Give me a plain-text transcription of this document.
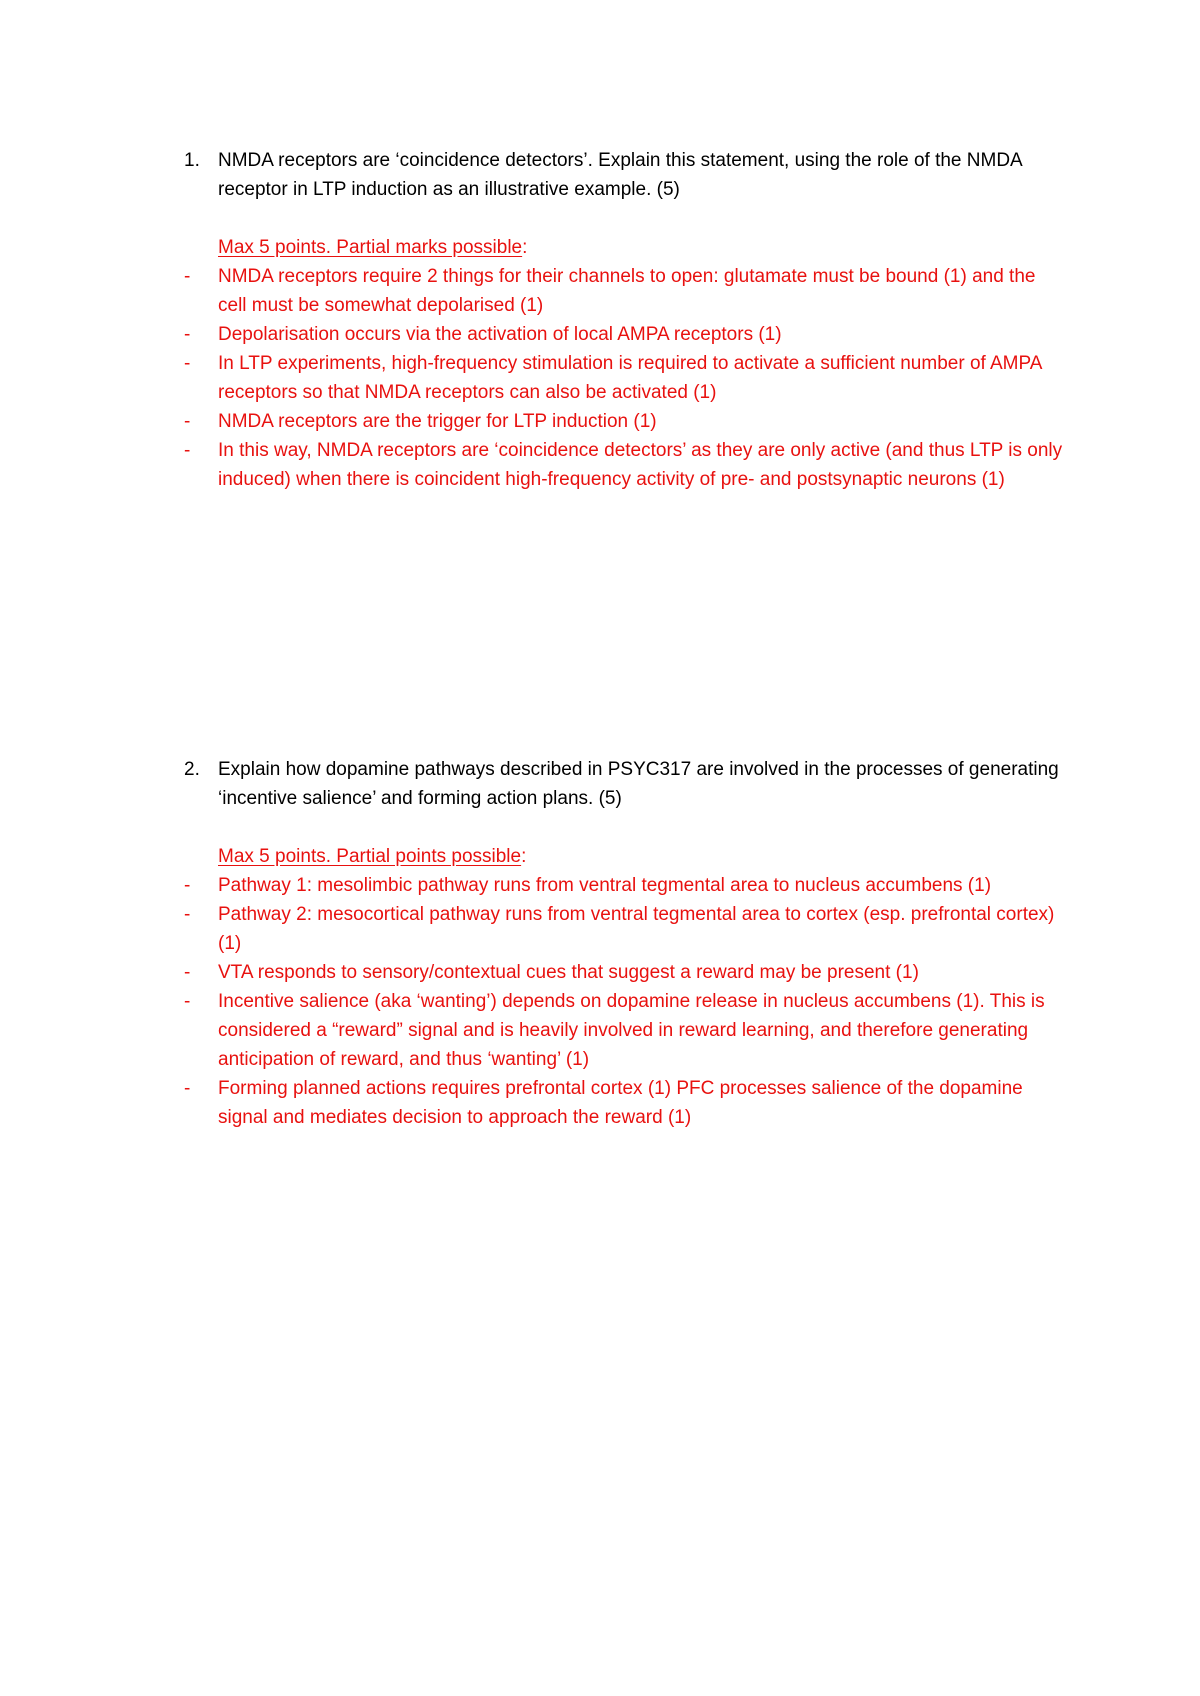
1. NMDA receptors are ‘coincidence detectors’. Explain this statement, using the role of the NMDA receptor in LTP induction as an illustrative example. (5)
Max 5 points. Partial marks possible:
- NMDA receptors require 2 things for their channels to open: glutamate must be bound (1) and the cell must be somewhat depolarised (1)
- Depolarisation occurs via the activation of local AMPA receptors (1)
- In LTP experiments, high-frequency stimulation is required to activate a sufficient number of AMPA receptors so that NMDA receptors can also be activated (1)
- NMDA receptors are the trigger for LTP induction (1)
- In this way, NMDA receptors are ‘coincidence detectors’ as they are only active (and thus LTP is only induced) when there is coincident high-frequency activity of pre- and postsynaptic neurons (1)
2. Explain how dopamine pathways described in PSYC317 are involved in the processes of generating ‘incentive salience’ and forming action plans. (5)
Max 5 points. Partial points possible:
- Pathway 1: mesolimbic pathway runs from ventral tegmental area to nucleus accumbens (1)
- Pathway 2: mesocortical pathway runs from ventral tegmental area to cortex (esp. prefrontal cortex) (1)
- VTA responds to sensory/contextual cues that suggest a reward may be present (1)
- Incentive salience (aka ‘wanting’) depends on dopamine release in nucleus accumbens (1). This is considered a “reward” signal and is heavily involved in reward learning, and therefore generating anticipation of reward, and thus ‘wanting’ (1)
- Forming planned actions requires prefrontal cortex (1) PFC processes salience of the dopamine signal and mediates decision to approach the reward (1)
